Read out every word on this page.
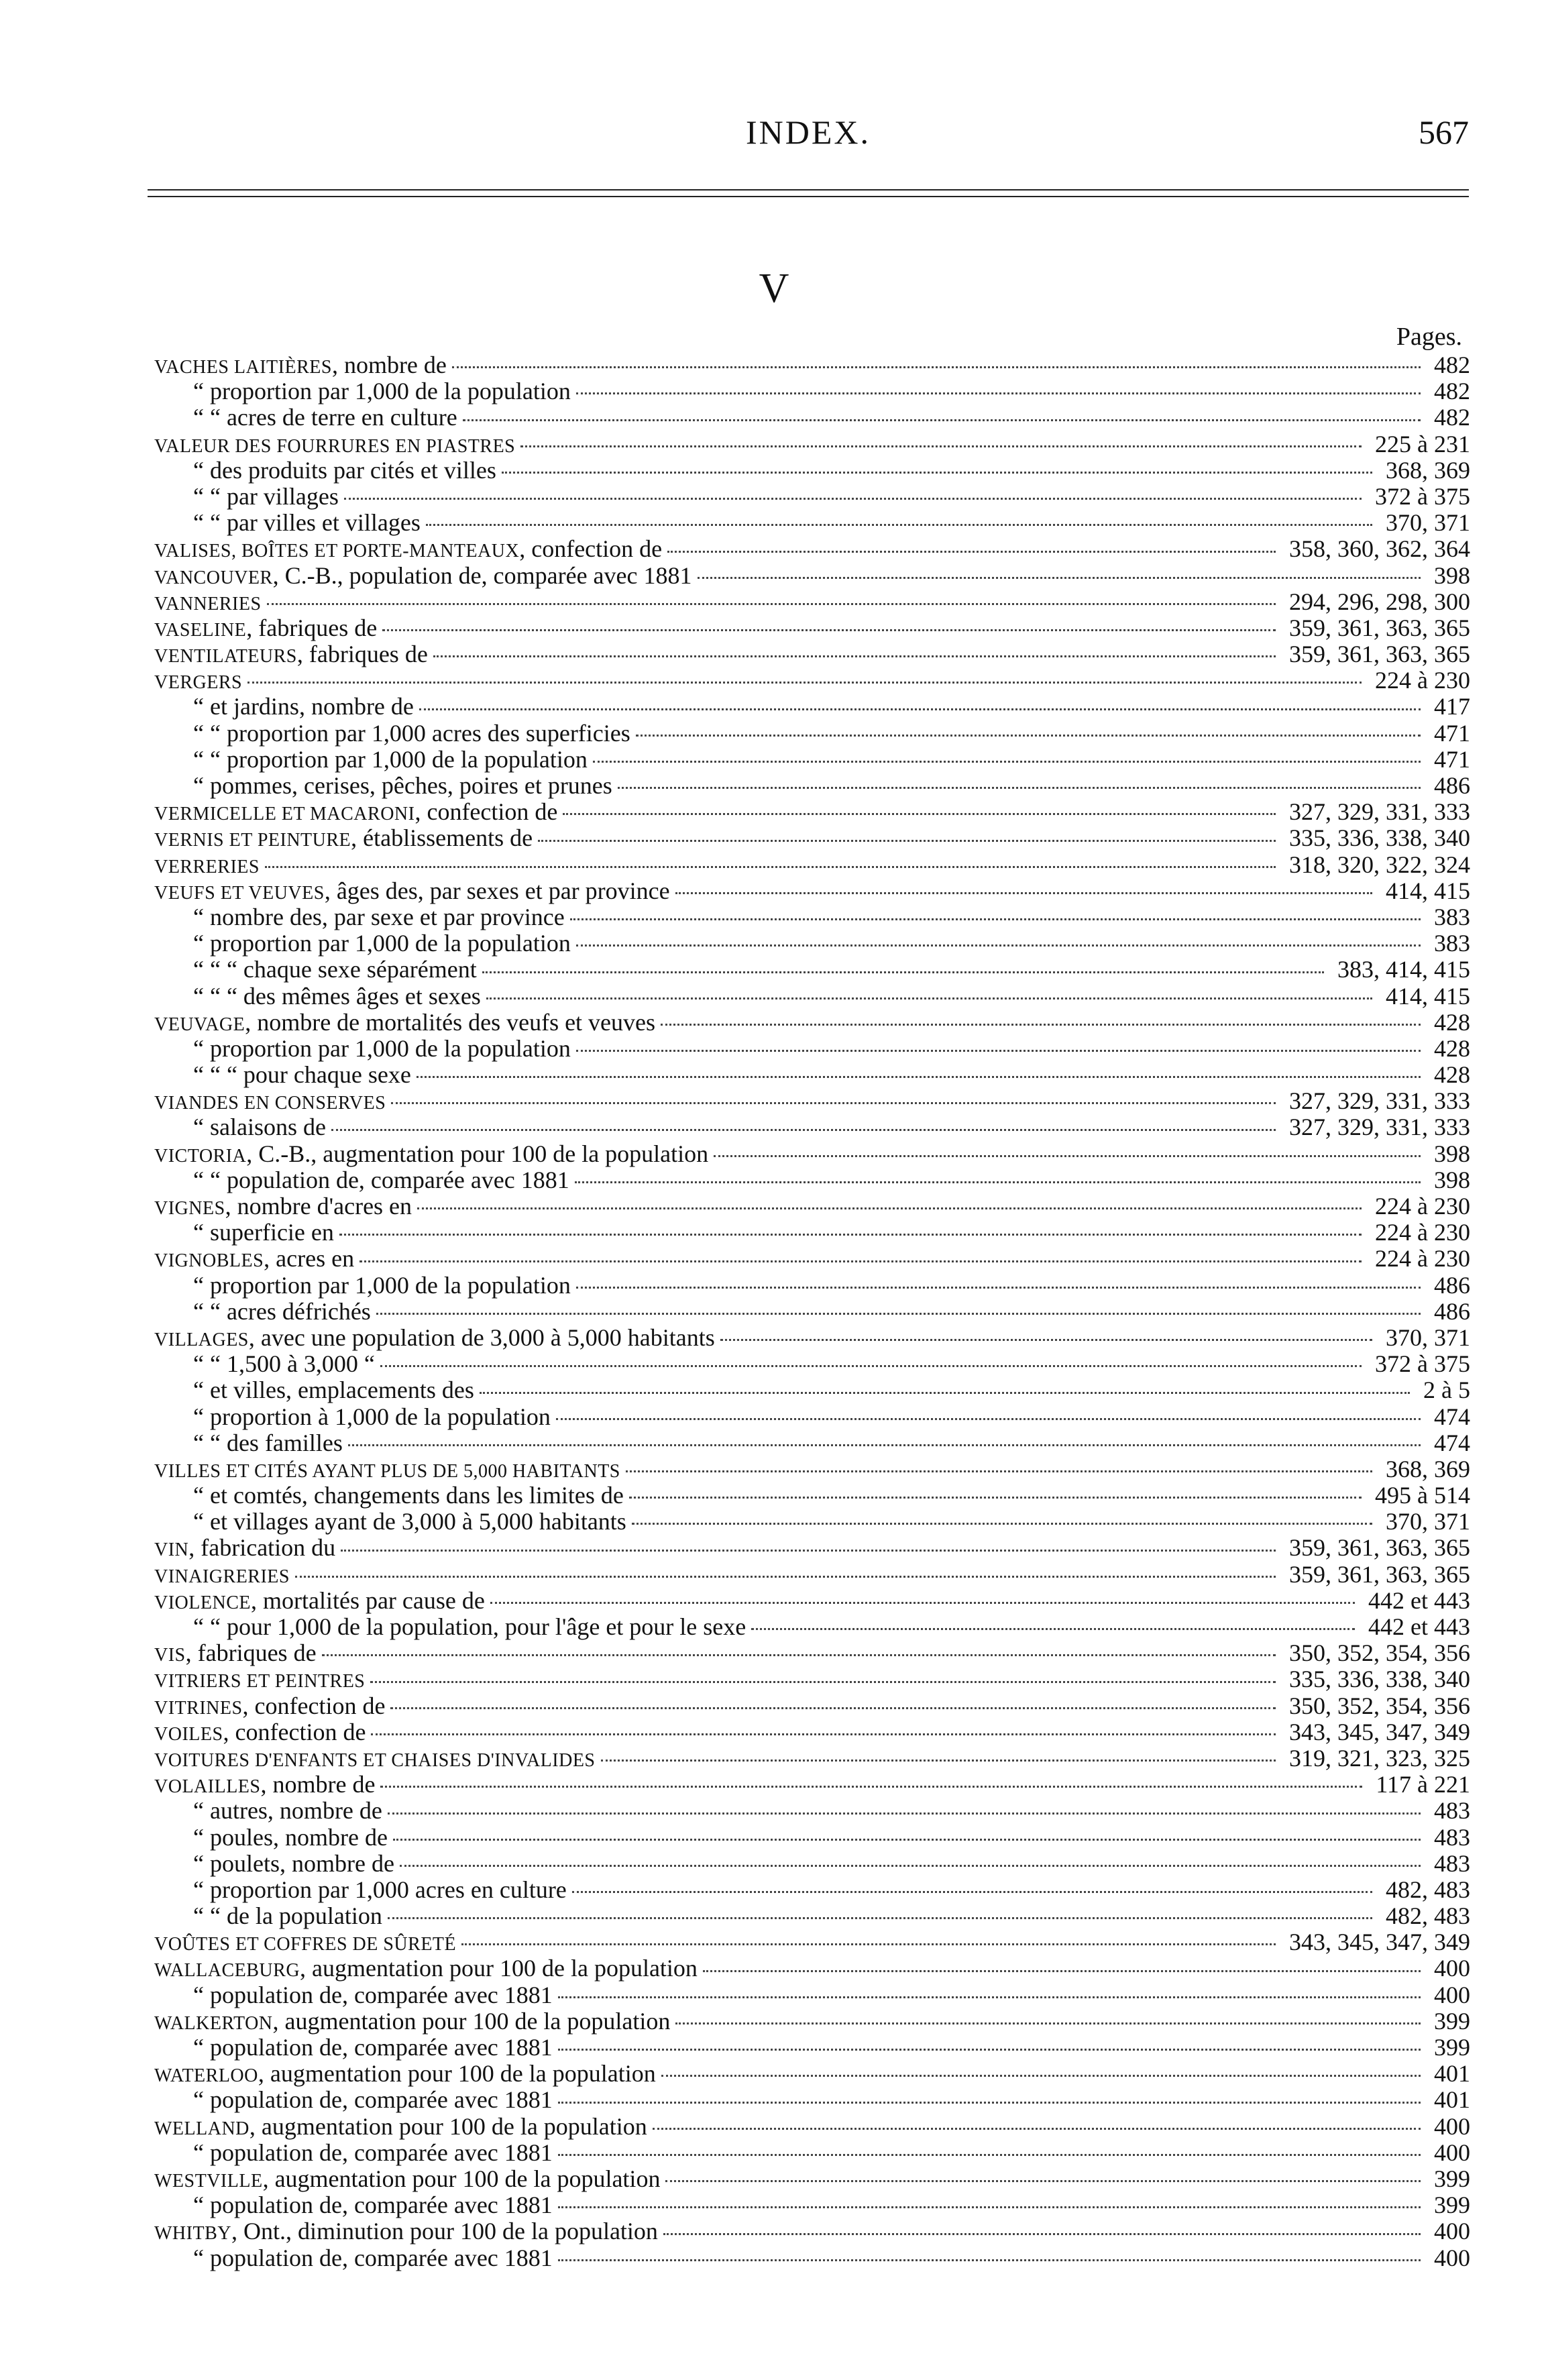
INDEX.	567
V
Pages.
VACHES LAITIÈRES, nombre de	482
“ proportion par 1,000 de la population	482
“ “ acres de terre en culture	482
VALEUR DES FOURRURES EN PIASTRES	225 à 231
“ des produits par cités et villes	368, 369
“ “ par villages	372 à 375
“ “ par villes et villages	370, 371
VALISES, BOÎTES ET PORTE-MANTEAUX, confection de	358, 360, 362, 364
VANCOUVER, C.-B., population de, comparée avec 1881	398
VANNERIES	294, 296, 298, 300
VASELINE, fabriques de	359, 361, 363, 365
VENTILATEURS, fabriques de	359, 361, 363, 365
VERGERS	224 à 230
“ et jardins, nombre de	417
“ “ proportion par 1,000 acres des superficies	471
“ “ proportion par 1,000 de la population	471
“ pommes, cerises, pêches, poires et prunes	486
VERMICELLE ET MACARONI, confection de	327, 329, 331, 333
VERNIS ET PEINTURE, établissements de	335, 336, 338, 340
VERRERIES	318, 320, 322, 324
VEUFS ET VEUVES, âges des, par sexes et par province	414, 415
“ nombre des, par sexe et par province	383
“ proportion par 1,000 de la population	383
“ “ “ chaque sexe séparément	383, 414, 415
“ “ “ des mêmes âges et sexes	414, 415
VEUVAGE, nombre de mortalités des veufs et veuves	428
“ proportion par 1,000 de la population	428
“ “ “ pour chaque sexe	428
VIANDES EN CONSERVES	327, 329, 331, 333
“ salaisons de	327, 329, 331, 333
VICTORIA, C.-B., augmentation pour 100 de la population	398
“ “ population de, comparée avec 1881	398
VIGNES, nombre d'acres en	224 à 230
“ superficie en	224 à 230
VIGNOBLES, acres en	224 à 230
“ proportion par 1,000 de la population	486
“ “ acres défrichés	486
VILLAGES, avec une population de 3,000 à 5,000 habitants	370, 371
“ “ 1,500 à 3,000 “	372 à 375
“ et villes, emplacements des	2 à 5
“ proportion à 1,000 de la population	474
“ “ des familles	474
VILLES ET CITÉS AYANT PLUS DE 5,000 HABITANTS	368, 369
“ et comtés, changements dans les limites de	495 à 514
“ et villages ayant de 3,000 à 5,000 habitants	370, 371
VIN, fabrication du	359, 361, 363, 365
VINAIGRERIES	359, 361, 363, 365
VIOLENCE, mortalités par cause de	442 et 443
“ “ pour 1,000 de la population, pour l'âge et pour le sexe	442 et 443
VIS, fabriques de	350, 352, 354, 356
VITRIERS ET PEINTRES	335, 336, 338, 340
VITRINES, confection de	350, 352, 354, 356
VOILES, confection de	343, 345, 347, 349
VOITURES D'ENFANTS ET CHAISES D'INVALIDES	319, 321, 323, 325
VOLAILLES, nombre de	117 à 221
“ autres, nombre de	483
“ poules, nombre de	483
“ poulets, nombre de	483
“ proportion par 1,000 acres en culture	482, 483
“ “ de la population	482, 483
VOÛTES ET COFFRES DE SÛRETÉ	343, 345, 347, 349
WALLACEBURG, augmentation pour 100 de la population	400
“ population de, comparée avec 1881	400
WALKERTON, augmentation pour 100 de la population	399
“ population de, comparée avec 1881	399
WATERLOO, augmentation pour 100 de la population	401
“ population de, comparée avec 1881	401
WELLAND, augmentation pour 100 de la population	400
“ population de, comparée avec 1881	400
WESTVILLE, augmentation pour 100 de la population	399
“ population de, comparée avec 1881	399
WHITBY, Ont., diminution pour 100 de la population	400
“ population de, comparée avec 1881	400
